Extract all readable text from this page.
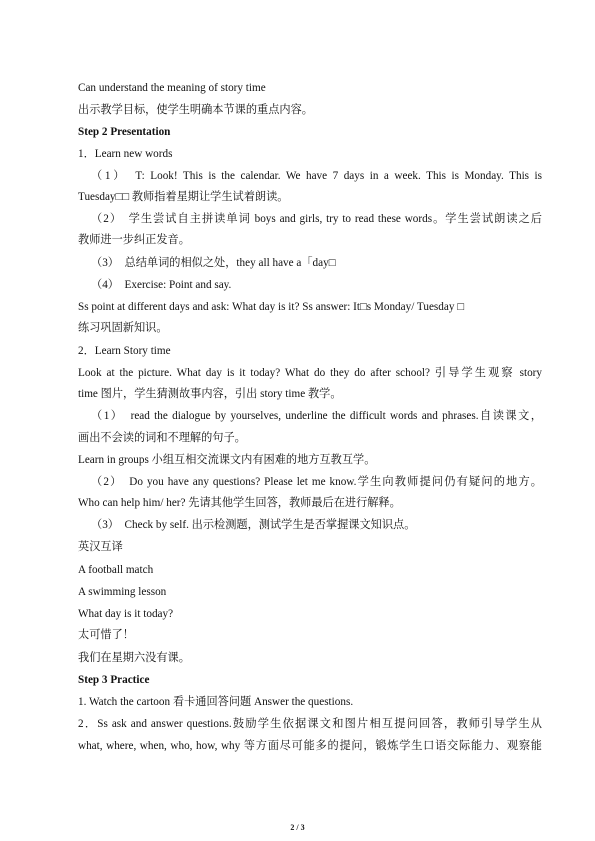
Can understand the meaning of story time
出示教学目标，使学生明确本节课的重点内容。
Step 2 Presentation
1．Learn new words
（1）　T: Look! This is the calendar. We have 7 days in a week. This is Monday. This is
Tuesday□□ 教师指着星期让学生试着朗读。
（2）　学生尝试自主拼读单词 boys and girls, try to read these words。学生尝试朗读之后
教师进一步纠正发音。
（3）　总结单词的相似之处，they all have a「day□
（4）　Exercise: Point and say.
Ss point at different days and ask: What day is it? Ss answer: It□s Monday/ Tuesday □
练习巩固新知识。
2．Learn Story time
Look at the picture. What day is it today? What do they do after school? 引导学生观察 story
time 图片，学生猜测故事内容，引出 story time 教学。
（1）　read the dialogue by yourselves, underline the difficult words and phrases.自读课文，
画出不会读的词和不理解的句子。
Learn in groups 小组互相交流课文内有困难的地方互教互学。
（2）　Do you have any questions? Please let me know.学生向教师提问仍有疑问的地方。
Who can help him/ her? 先请其他学生回答，教师最后在进行解释。
（3）　Check by self. 出示检测题，测试学生是否掌握课文知识点。
英汉互译
A football match
A swimming lesson
What day is it today?
太可惜了！
我们在星期六没有课。
Step 3 Practice
1. Watch the cartoon 看卡通回答问题 Answer the questions.
2．Ss ask and answer questions.鼓励学生依据课文和图片相互提问回答，教师引导学生从
what, where, when, who, how, why 等方面尽可能多的提问，锻炼学生口语交际能力、观察能
2 / 3
